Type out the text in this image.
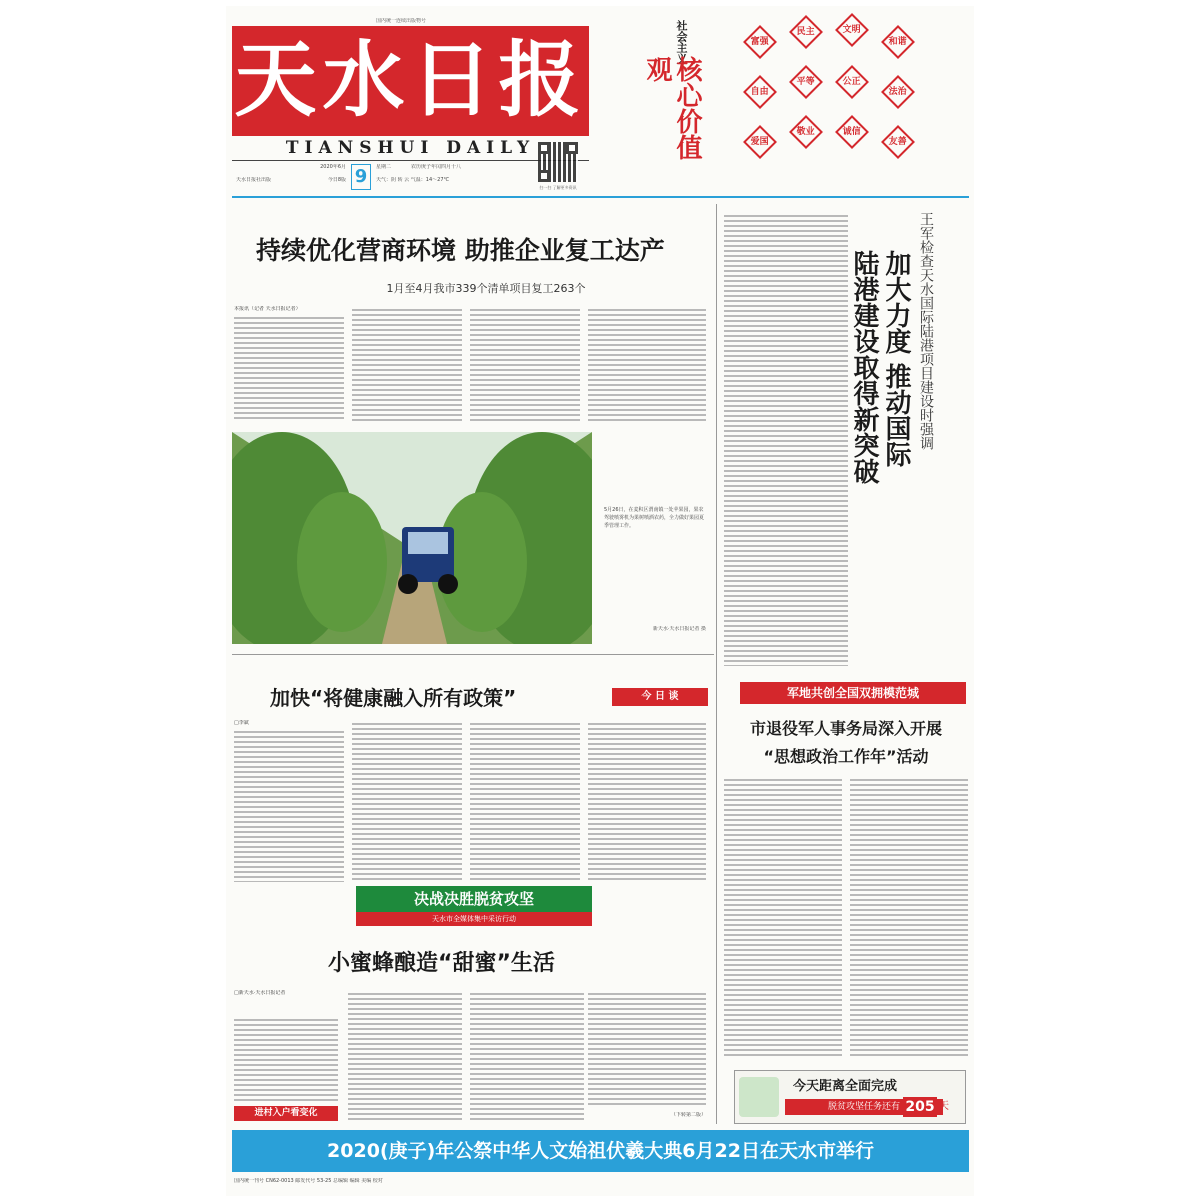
国内统一连续出版物号
天水日报
TIANSHUI DAILY
天水日报社出版
2020年6月
今日8版 9	星期二	农历庚子年闰四月十八
天气：阴 转 云 气温：14～27℃
扫一扫 了解更多资讯
社会主义
核心价值观
富强
民主	文明
和谐
自由
平等	公正
法治
爱国
敬业	诚信
友善
持续优化营商环境 助推企业复工达产
1月至4月我市339个清单项目复工263个
本报讯（记者 天水日报记者）
5月26日，在麦积区渭南镇一处苹果园，果农驾驶喷雾机为果树喷洒农药，全力做好果园夏季管理工作。
新天水·天水日报记者 摄
加快“将健康融入所有政策”	今 日 谈
□李斌
决战决胜脱贫攻坚
天水市全媒体集中采访行动
小蜜蜂酿造“甜蜜”生活
□新天水·天水日报记者
进村入户看变化	（下转第二版）
王军检查天水国际陆港项目建设时强调
加大力度 推动国际
陆港建设取得新突破
军地共创全国双拥模范城
市退役军人事务局深入开展
“思想政治工作年”活动
今天距离全面完成
脱贫攻坚任务还有 205 天
2020(庚子)年公祭中华人文始祖伏羲大典6月22日在天水市举行
国内统一刊号 CN62-0013 邮发代号 53-25 总编辑 编辑 美编 校对
